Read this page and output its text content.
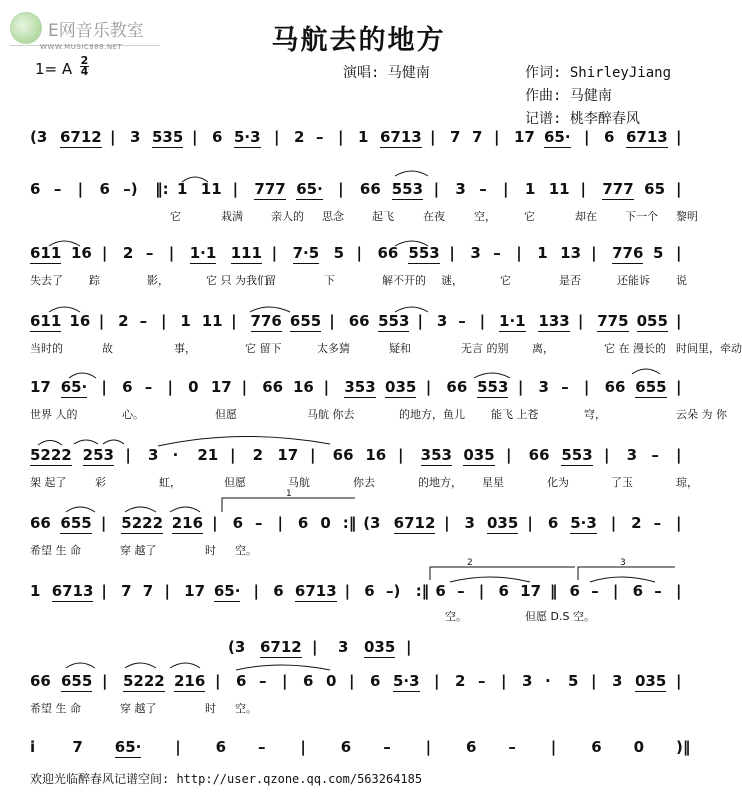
E网音乐教室
WWW.MUSIC888.NET	马航去的地方
1= A 2
4	演唱: 马健南	作词: ShirleyJiang
作曲: 马健南
记谱: 桃李醉春风
(3 6712 | 3 535 | 6 5·3 | 2 – | 1 6713 | 7 7 | 17 65· | 6 6713 |
6 – | 6 –) ‖: 1 11 | 777 65· | 66 553 | 3 – | 1 11 | 777 65 |
它	栽满	亲人的 思念	起飞	在夜	空，	它	却在	下一个 黎明
611 16 | 2 – | 1·1 111 | 7·5 5 | 66 553 | 3 – | 1 13 | 776 5 |
失去了 踪	影，	它 只 为我们
留	下	解不开的 谜，	它	是否	还能诉 说
611 16 | 2 – | 1 11 | 776 655 | 66 553 | 3 – | 1·1 133 | 775 055 |
当时的	故	事，	它 留下	太多猜	疑和	无言 的别 离，	它 在 漫长的 时间里，牵动
17 65· | 6 – | 0 17 | 66 16 | 353 035 | 66 553 | 3 – | 66 655 |
世界 人的	心。	但愿	马航 你去	的地方，鱼儿 能飞 上苍	穹，	云朵 为 你
5222 253 | 3 · 21 | 2 17 | 66 16 | 353 035 | 66 553 | 3 – |
架 起了	彩	虹，	但愿	马航	你去	的地方， 星星	化为	了玉	琼，
66 655 | 5222 216 | 6 – | 6 0 :‖ (3 6712 | 3 035 | 6 5·3 | 2 – |
希望 生 命	穿 越了	时 空。
1 6713 | 7 7 | 17 65· | 6 6713 | 6 –) :‖ 6 – | 6 17 ‖ 6 – | 6 – |
空。	但愿 D.S 空。
(3 6712 | 3 035 |
66 655 | 5222 216 | 6 – | 6 0 | 6 5·3 | 2 – | 3 · 5 | 3 035 |
希望 生 命	穿 越了	时 空。
i 7 65· | 6 – | 6 – | 6 – | 6 0 )‖
欢迎光临醉春风记谱空间: http://user.qzone.qq.com/563264185
1
2	3
